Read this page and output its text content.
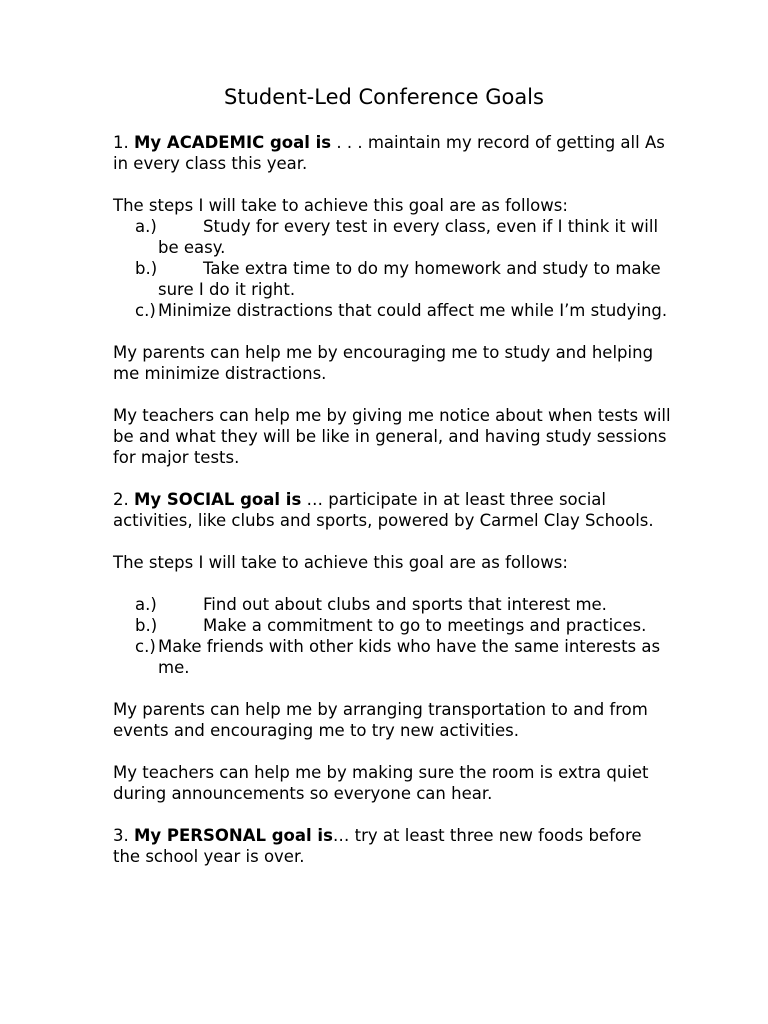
Student-Led Conference Goals

1. My ACADEMIC goal is . . . maintain my record of getting all As in every class this year.

The steps I will take to achieve this goal are as follows:

a.)	Study for every test in every class, even if I think it will be easy.
b.)	Take extra time to do my homework and study to make sure I do it right.
c.) Minimize distractions that could affect me while I’m studying.

My parents can help me by encouraging me to study and helping me minimize distractions.

My teachers can help me by giving me notice about when tests will be and what they will be like in general, and having study sessions for major tests.

2. My SOCIAL goal is … participate in at least three social activities, like clubs and sports, powered by Carmel Clay Schools.

The steps I will take to achieve this goal are as follows:

a.)	Find out about clubs and sports that interest me.
b.)	Make a commitment to go to meetings and practices.
c.) Make friends with other kids who have the same interests as me.

My parents can help me by arranging transportation to and from events and encouraging me to try new activities.

My teachers can help me by making sure the room is extra quiet during announcements so everyone can hear.

3. My PERSONAL goal is… try at least three new foods before the school year is over.
